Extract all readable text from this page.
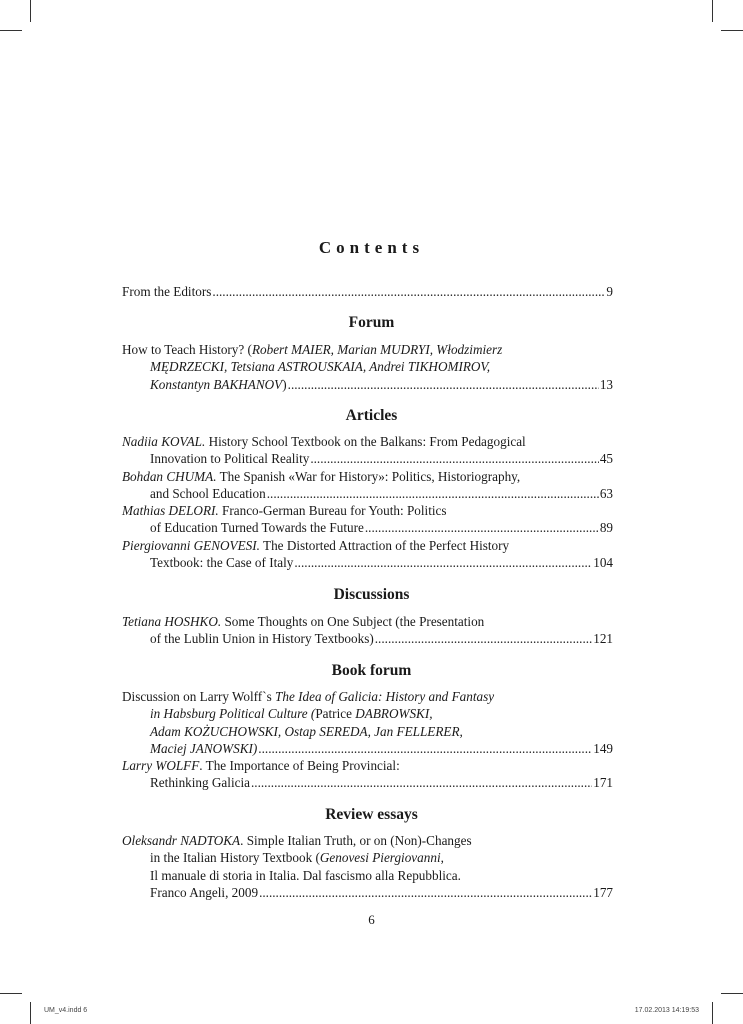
Contents
From the Editors .....	9
Forum
How to Teach History? (Robert MAIER, Marian MUDRYI, Włodzimierz
MĘDRZECKI, Tetsiana ASTROUSKAIA, Andrei TIKHOMIROV,
Konstantyn BAKHANOV) .....	13
Articles
Nadiia KOVAL. History School Textbook on the Balkans: From Pedagogical
Innovation to Political Reality .....	45
Bohdan CHUMA. The Spanish «War for History»: Politics, Historiography,
and School Education .....	63
Mathias DELORI. Franco-German Bureau for Youth: Politics
of Education Turned Towards the Future .....	89
Piergiovanni GENOVESI. The Distorted Attraction of the Perfect History
Textbook: the Case of Italy .....	104
Discussions
Tetiana HOSHKO. Some Thoughts on One Subject (the Presentation
of the Lublin Union in History Textbooks) .....	121
Book forum
Discussion on Larry Wolff`s The Idea of Galicia: History and Fantasy
in Habsburg Political Culture (Patrice DABROWSKI,
Adam KOŻUCHOWSKI, Ostap SEREDA, Jan FELLERER,
Maciej JANOWSKI) .....	149
Larry WOLFF. The Importance of Being Provincial:
Rethinking Galicia .....	171
Review essays
Oleksandr NADTOKA. Simple Italian Truth, or on (Non)-Changes
in the Italian History Textbook (Genovesi Piergiovanni,
Il manuale di storia in Italia. Dal fascismo alla Repubblica.
Franco Angeli, 2009 .....	177
6
UM_v4.indd 6	17.02.2013 14:19:53
